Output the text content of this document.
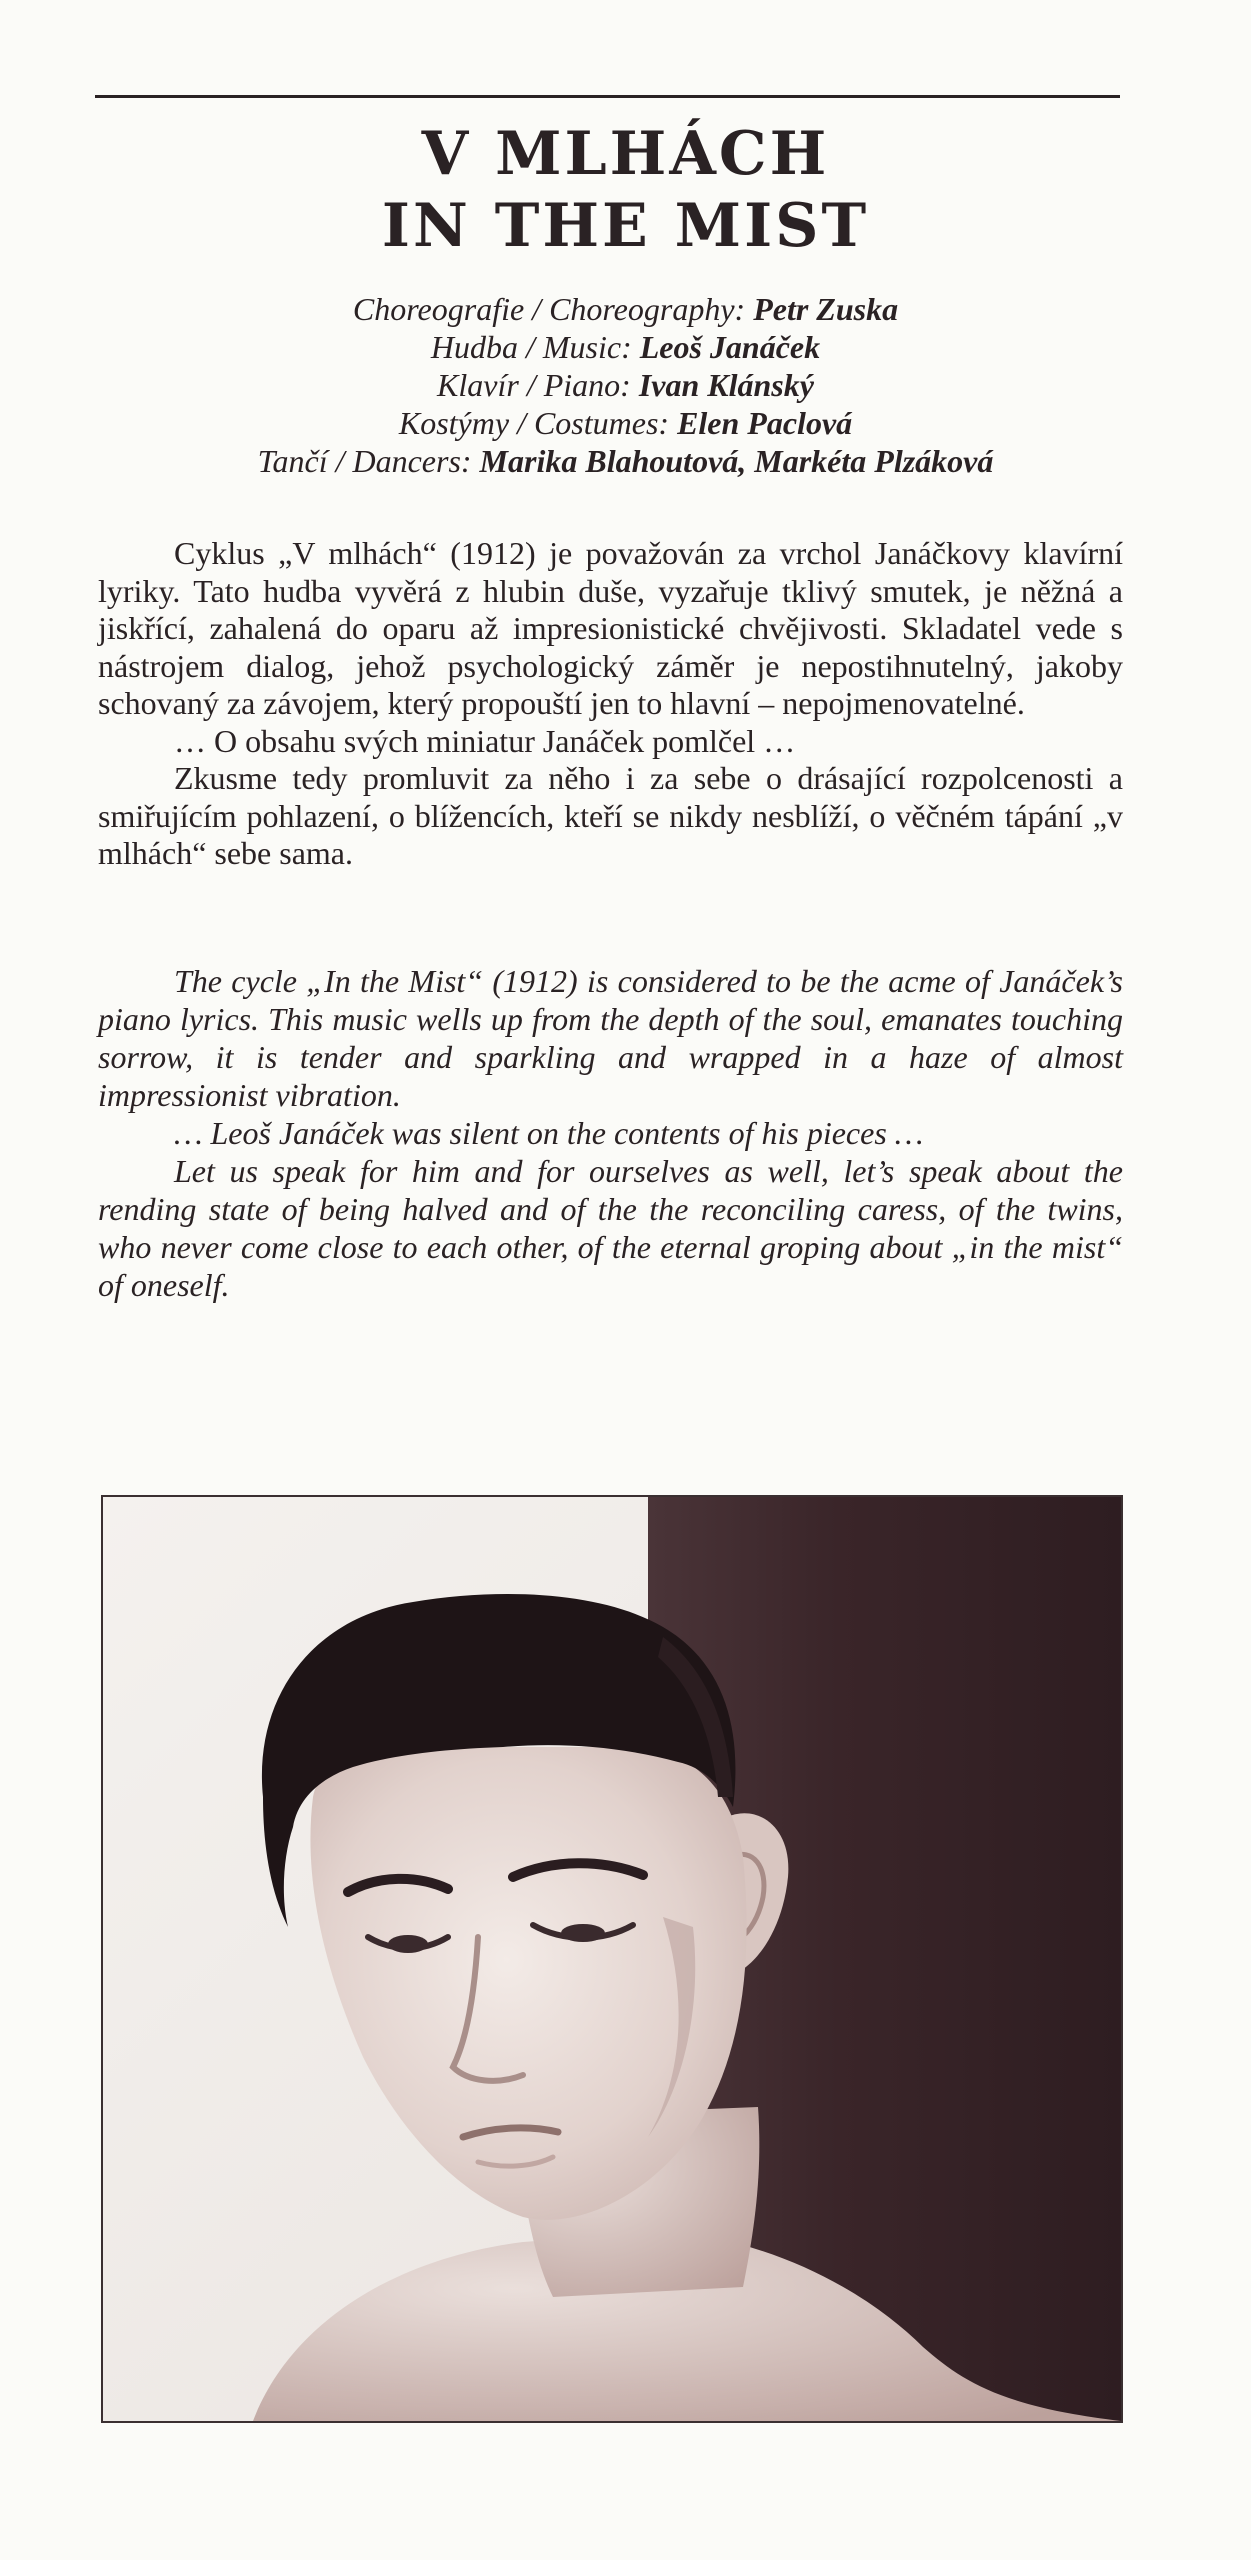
V MLHÁCH
IN THE MIST
Choreografie / Choreography: Petr Zuska
Hudba / Music: Leoš Janáček
Klavír / Piano: Ivan Klánský
Kostýmy / Costumes: Elen Paclová
Tančí / Dancers: Marika Blahoutová, Markéta Plzáková

Cyklus „V mlhách“ (1912) je považován za vrchol Janáčkovy klavírní lyriky. Tato hudba vyvěrá z hlubin duše, vyzařuje tklivý smutek, je něžná a jiskřící, zahalená do oparu až impresionistické chvějivosti. Skladatel vede s nástrojem dialog, jehož psychologický záměr je nepostihnutelný, jakoby schovaný za závojem, který propouští jen to hlavní – nepojmenovatelné.

… O obsahu svých miniatur Janáček pomlčel …

Zkusme tedy promluvit za něho i za sebe o drásající rozpolcenosti a smiřujícím pohlazení, o blížencích, kteří se nikdy nesblíží, o věčném tápání „v mlhách“ sebe sama.

The cycle „In the Mist“ (1912) is considered to be the acme of Janáček’s piano lyrics. This music wells up from the depth of the soul, emanates touching sorrow, it is tender and sparkling and wrapped in a haze of almost impressionist vibration.

… Leoš Janáček was silent on the contents of his pieces …

Let us speak for him and for ourselves as well, let’s speak about the rending state of being halved and of the the reconciling caress, of the twins, who never come close to each other, of the eternal groping about „in the mist“ of oneself.
